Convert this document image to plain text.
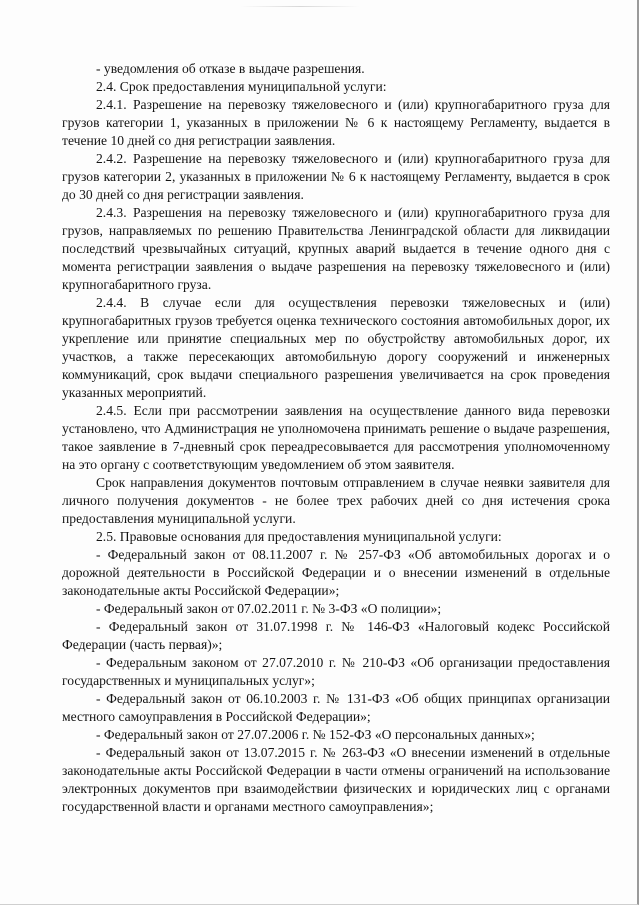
- уведомления об отказе в выдаче разрешения.

2.4. Срок предоставления муниципальной услуги:

2.4.1. Разрешение на перевозку тяжеловесного и (или) крупногабаритного груза для грузов категории 1, указанных в приложении № 6 к настоящему Регламенту, выдается в течение 10 дней со дня регистрации заявления.

2.4.2. Разрешение на перевозку тяжеловесного и (или) крупногабаритного груза для грузов категории 2, указанных в приложении № 6 к настоящему Регламенту, выдается в срок до 30 дней со дня регистрации заявления.

2.4.3. Разрешения на перевозку тяжеловесного и (или) крупногабаритного груза для грузов, направляемых по решению Правительства Ленинградской области для ликвидации последствий чрезвычайных ситуаций, крупных аварий выдается в течение одного дня с момента регистрации заявления о выдаче разрешения на перевозку тяжеловесного и (или) крупногабаритного груза.

2.4.4. В случае если для осуществления перевозки тяжеловесных и (или) крупногабаритных грузов требуется оценка технического состояния автомобильных дорог, их укрепление или принятие специальных мер по обустройству автомобильных дорог, их участков, а также пересекающих автомобильную дорогу сооружений и инженерных коммуникаций, срок выдачи специального разрешения увеличивается на срок проведения указанных мероприятий.

2.4.5. Если при рассмотрении заявления на осуществление данного вида перевозки установлено, что Администрация не уполномочена принимать решение о выдаче разрешения, такое заявление в 7-дневный срок переадресовывается для рассмотрения уполномоченному на это органу с соответствующим уведомлением об этом заявителя.

Срок направления документов почтовым отправлением в случае неявки заявителя для личного получения документов - не более трех рабочих дней со дня истечения срока предоставления муниципальной услуги.

2.5. Правовые основания для предоставления муниципальной услуги:

- Федеральный закон от 08.11.2007 г. № 257-ФЗ «Об автомобильных дорогах и о дорожной деятельности в Российской Федерации и о внесении изменений в отдельные законодательные акты Российской Федерации»;

- Федеральный закон от 07.02.2011 г. № 3-ФЗ «О полиции»;

- Федеральный закон от 31.07.1998 г. № 146-ФЗ «Налоговый кодекс Российской Федерации (часть первая)»;

- Федеральным законом от 27.07.2010 г. № 210-ФЗ «Об организации предоставления государственных и муниципальных услуг»;

- Федеральный закон от 06.10.2003 г. № 131-ФЗ «Об общих принципах организации местного самоуправления в Российской Федерации»;

- Федеральный закон от 27.07.2006 г. № 152-ФЗ «О персональных данных»;

- Федеральный закон от 13.07.2015 г. № 263-ФЗ «О внесении изменений в отдельные законодательные акты Российской Федерации в части отмены ограничений на использование электронных документов при взаимодействии физических и юридических лиц с органами государственной власти и органами местного самоуправления»;
